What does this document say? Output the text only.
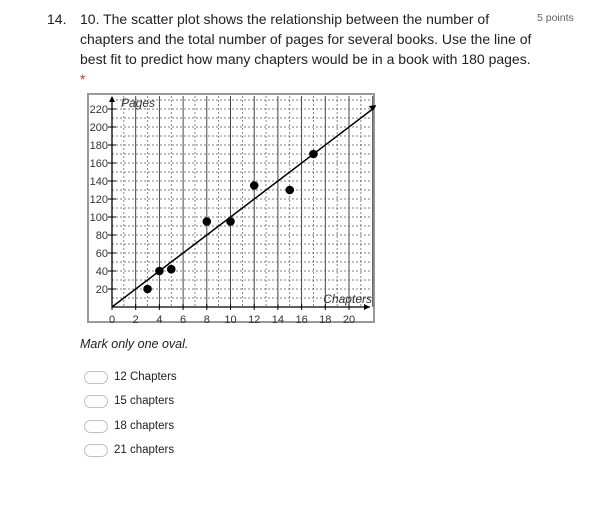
14. 10. The scatter plot shows the relationship between the number of chapters and the total number of pages for several books. Use the line of best fit to predict how many chapters would be in a book with 180 pages. *
5 points
20
40
60
80
100
120
140
160
180
200
220
0 2 4 6 8 10 12 14 16 18 20
Pages
Chapters
Mark only one oval.
12 Chapters
15 chapters
18 chapters
21 chapters
